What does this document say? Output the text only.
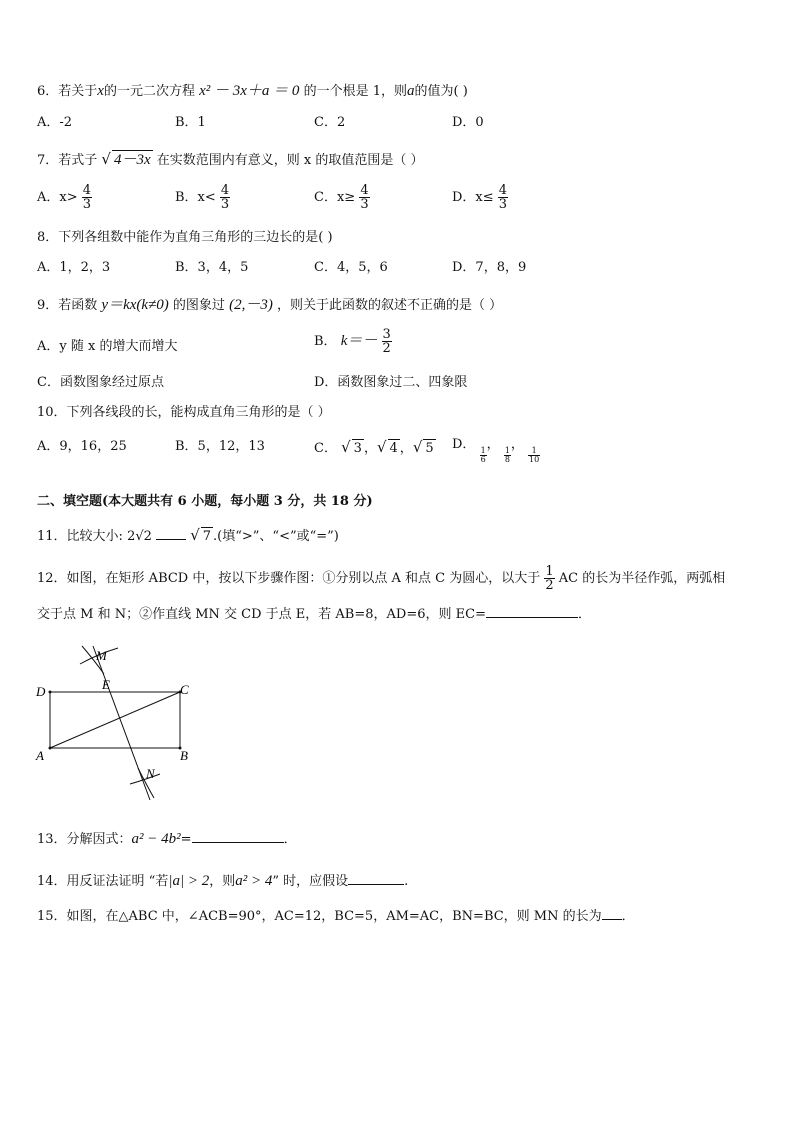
6．若关于x的一元二次方程 x² － 3x＋a ＝ 0 的一个根是 1，则a的值为( )
A．-2	B．1	C．2	D．0
7．若式子 √ 4－3x 在实数范围内有意义，则 x 的取值范围是（ ）
A．$x> \frac{4}{3}$	B．$x< \frac{4}{3}$	C．$x\ge \frac{4}{3}$	D．$x\le \frac{4}{3}$
8．下列各组数中能作为直角三角形的三边长的是( )
A．1，2，3	B．3，4，5	C．4，5，6	D．7，8，9
9．若函数 y＝kx(k≠0) 的图象过 (2,－3) ，则关于此函数的叙述不正确的是（ ）
A．y 随 x 的增大而增大	B． $k=- \frac{3}{2}$
C．函数图象经过原点	D．函数图象过二、四象限
10．下列各线段的长，能构成直角三角形的是（ ）
A．9，16，25	B．5，12，13	C． √ 3 ，√ 4 ，√ 5 D．
$\frac{1}{6}$
，
$\frac{1}{8}$
，
$\frac{1}{10}$
二、填空题(本大题共有 6 小题，每小题 3 分，共 18 分)
11．比较大小: 2√2	√ 7 .(填“>”、“<”或“=”)
12．如图，在矩形 ABCD 中，按以下步骤作图：①分别以点 A 和点 C 为圆心，以大于 $\frac{1}{2}$ AC 的长为半径作弧，两弧相
交于点 M 和 N；②作直线 MN 交 CD 于点 E，若 AB=8，AD=6，则 EC=	．
M
D	E	C
A	B
N
13．分解因式：a² − 4b²=	．
14．用反证法证明 “若|a| > 2，则a² > 4” 时，应假设	.
15．如图，在△ABC 中，∠ACB=90°，AC=12，BC=5，AM=AC，BN=BC，则 MN 的长为 ．
